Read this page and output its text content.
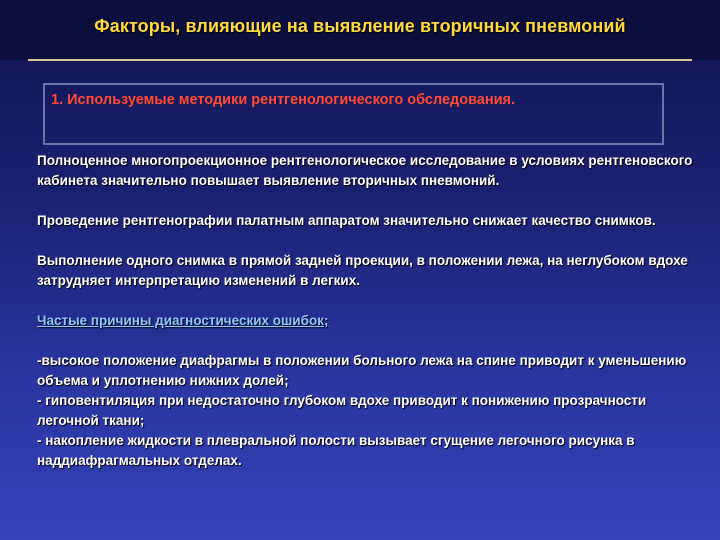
Факторы, влияющие на выявление вторичных пневмоний
1. Используемые методики рентгенологического обследования.
Полноценное многопроекционное рентгенологическое исследование в условиях рентгеновского кабинета значительно повышает выявление вторичных пневмоний.
Проведение рентгенографии палатным аппаратом значительно снижает качество снимков.
Выполнение одного снимка в прямой задней проекции, в положении лежа, на неглубоком вдохе затрудняет интерпретацию изменений в легких.
Частые причины диагностических ошибок;
-высокое положение диафрагмы в положении больного лежа на спине приводит к уменьшению объема и уплотнению нижних долей;
- гиповентиляция при недостаточно глубоком вдохе приводит к понижению прозрачности легочной ткани;
- накопление жидкости в плевральной полости вызывает сгущение легочного рисунка в наддиафрагмальных отделах.
